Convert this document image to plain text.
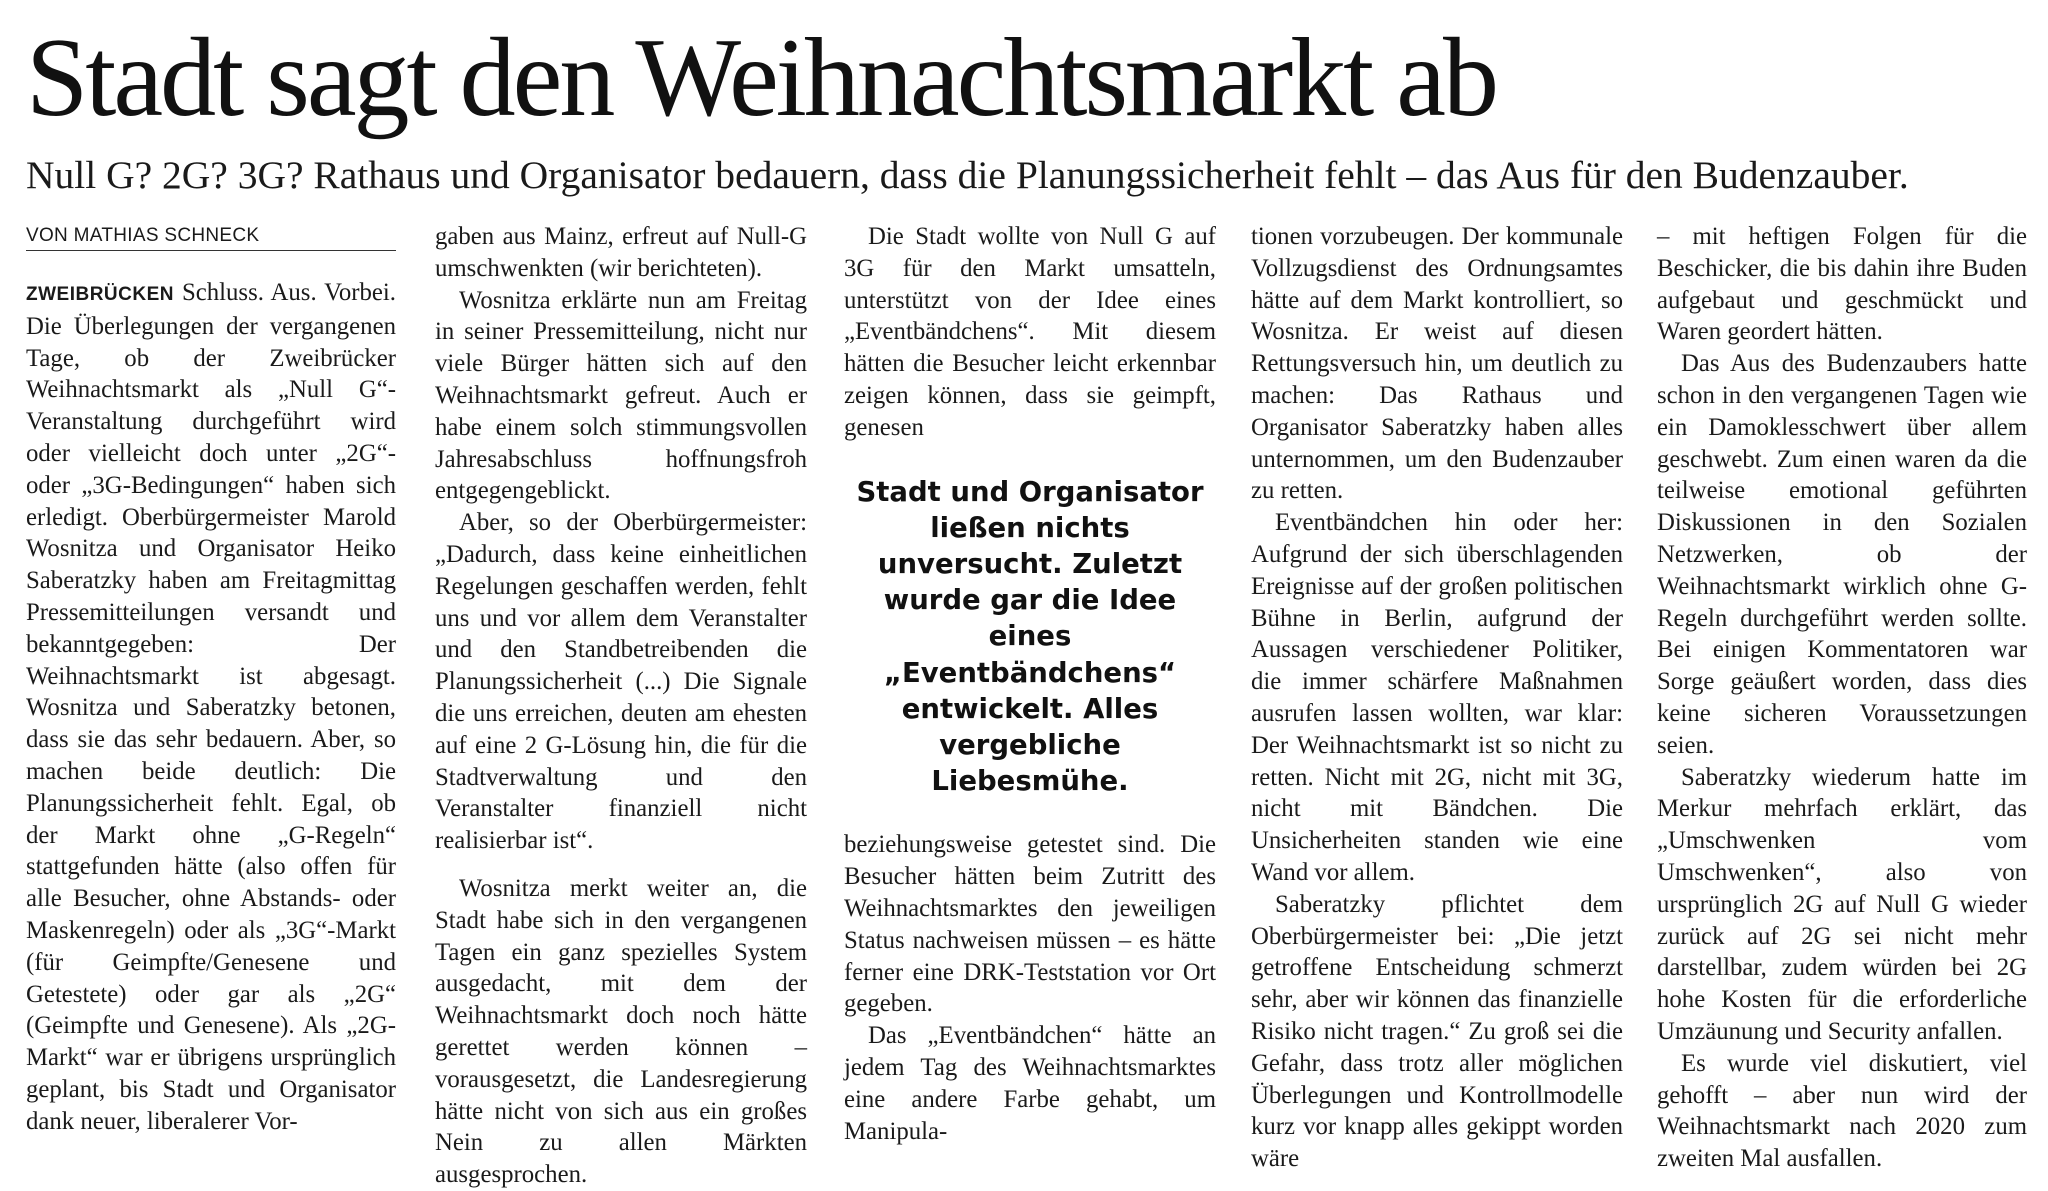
Stadt sagt den Weihnachtsmarkt ab
Null G? 2G? 3G? Rathaus und Organisator bedauern, dass die Planungssicherheit fehlt – das Aus für den Budenzauber.
VON MATHIAS SCHNECK

ZWEIBRÜCKEN Schluss. Aus. Vorbei. Die Überlegungen der vergangenen Tage, ob der Zweibrücker Weihnachtsmarkt als „Null G“-Veranstaltung durchgeführt wird oder vielleicht doch unter „2G“- oder „3G-Bedingungen“ haben sich erledigt. Oberbürgermeister Marold Wosnitza und Organisator Heiko Saberatzky haben am Freitagmittag Pressemitteilungen versandt und bekanntgegeben: Der Weihnachtsmarkt ist abgesagt. Wosnitza und Saberatzky betonen, dass sie das sehr bedauern. Aber, so machen beide deutlich: Die Planungssicherheit fehlt. Egal, ob der Markt ohne „G-Regeln“ stattgefunden hätte (also offen für alle Besucher, ohne Abstands- oder Maskenregeln) oder als „3G“-Markt (für Geimpfte/Genesene und Getestete) oder gar als „2G“ (Geimpfte und Genesene). Als „2G-Markt“ war er übrigens ursprünglich geplant, bis Stadt und Organisator dank neuer, liberalerer Vor-

gaben aus Mainz, erfreut auf Null-G umschwenkten (wir berichteten).

Wosnitza erklärte nun am Freitag in seiner Pressemitteilung, nicht nur viele Bürger hätten sich auf den Weihnachtsmarkt gefreut. Auch er habe einem solch stimmungsvollen Jahresabschluss hoffnungsfroh entgegengeblickt.

Aber, so der Oberbürgermeister: „Dadurch, dass keine einheitlichen Regelungen geschaffen werden, fehlt uns und vor allem dem Veranstalter und den Standbetreibenden die Planungssicherheit (...) Die Signale die uns erreichen, deuten am ehesten auf eine 2 G-Lösung hin, die für die Stadtverwaltung und den Veranstalter finanziell nicht realisierbar ist“.

Wosnitza merkt weiter an, die Stadt habe sich in den vergangenen Tagen ein ganz spezielles System ausgedacht, mit dem der Weihnachtsmarkt doch noch hätte gerettet werden können – vorausgesetzt, die Landesregierung hätte nicht von sich aus ein großes Nein zu allen Märkten ausgesprochen.

Die Stadt wollte von Null G auf 3G für den Markt umsatteln, unterstützt von der Idee eines „Eventbändchens“. Mit diesem hätten die Besucher leicht erkennbar zeigen können, dass sie geimpft, genesen

Stadt und Organisator ließen nichts unversucht. Zuletzt wurde gar die Idee eines „Eventbändchens“ entwickelt. Alles vergebliche Liebesmühe.

beziehungsweise getestet sind. Die Besucher hätten beim Zutritt des Weihnachtsmarktes den jeweiligen Status nachweisen müssen – es hätte ferner eine DRK-Teststation vor Ort gegeben.

Das „Eventbändchen“ hätte an jedem Tag des Weihnachtsmarktes eine andere Farbe gehabt, um Manipula-

tionen vorzubeugen. Der kommunale Vollzugsdienst des Ordnungsamtes hätte auf dem Markt kontrolliert, so Wosnitza. Er weist auf diesen Rettungsversuch hin, um deutlich zu machen: Das Rathaus und Organisator Saberatzky haben alles unternommen, um den Budenzauber zu retten.

Eventbändchen hin oder her: Aufgrund der sich überschlagenden Ereignisse auf der großen politischen Bühne in Berlin, aufgrund der Aussagen verschiedener Politiker, die immer schärfere Maßnahmen ausrufen lassen wollten, war klar: Der Weihnachtsmarkt ist so nicht zu retten. Nicht mit 2G, nicht mit 3G, nicht mit Bändchen. Die Unsicherheiten standen wie eine Wand vor allem.

Saberatzky pflichtet dem Oberbürgermeister bei: „Die jetzt getroffene Entscheidung schmerzt sehr, aber wir können das finanzielle Risiko nicht tragen.“ Zu groß sei die Gefahr, dass trotz aller möglichen Überlegungen und Kontrollmodelle kurz vor knapp alles gekippt worden wäre

– mit heftigen Folgen für die Beschicker, die bis dahin ihre Buden aufgebaut und geschmückt und Waren geordert hätten.

Das Aus des Budenzaubers hatte schon in den vergangenen Tagen wie ein Damoklesschwert über allem geschwebt. Zum einen waren da die teilweise emotional geführten Diskussionen in den Sozialen Netzwerken, ob der Weihnachtsmarkt wirklich ohne G-Regeln durchgeführt werden sollte. Bei einigen Kommentatoren war Sorge geäußert worden, dass dies keine sicheren Voraussetzungen seien.

Saberatzky wiederum hatte im Merkur mehrfach erklärt, das „Umschwenken vom Umschwenken“, also von ursprünglich 2G auf Null G wieder zurück auf 2G sei nicht mehr darstellbar, zudem würden bei 2G hohe Kosten für die erforderliche Umzäunung und Security anfallen.

Es wurde viel diskutiert, viel gehofft – aber nun wird der Weihnachtsmarkt nach 2020 zum zweiten Mal ausfallen.
